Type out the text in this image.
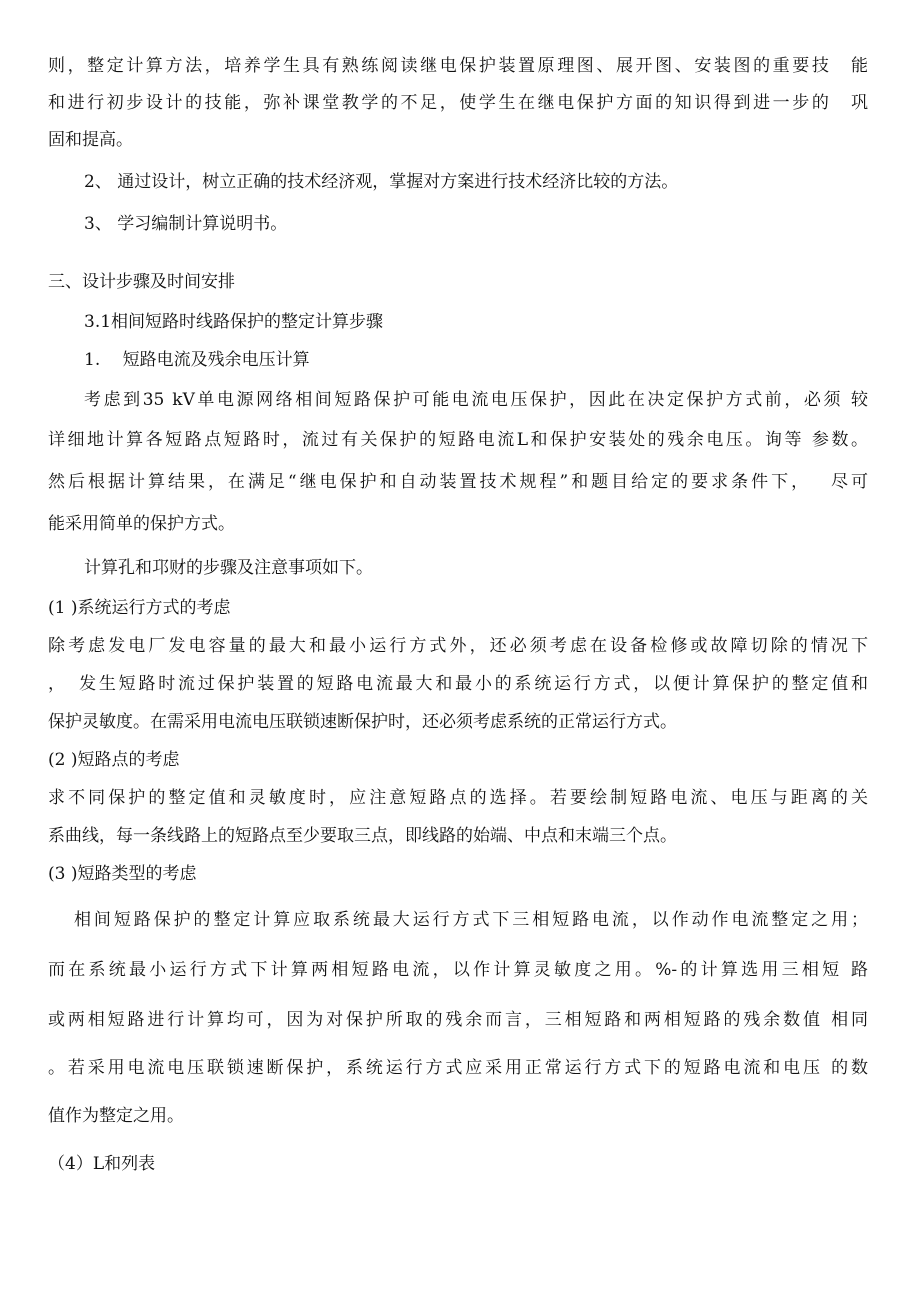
则，整定计算方法，培养学生具有熟练阅读继电保护装置原理图、展开图、安装图的重要技　能
和进行初步设计的技能，弥补课堂教学的不足，使学生在继电保护方面的知识得到进一步的　巩
固和提高。
2、 通过设计，树立正确的技术经济观，掌握对方案进行技术经济比较的方法。
3、 学习编制计算说明书。
三、设计步骤及时间安排
3.1相间短路时线路保护的整定计算步骤
1.　 短路电流及残余电压计算
考虑到35 kV单电源网络相间短路保护可能电流电压保护，因此在决定保护方式前，必须 较
详细地计算各短路点短路时，流过有关保护的短路电流L和保护安装处的残余电压。询等 参数。
然后根据计算结果，在满足“继电保护和自动装置技术规程”和题目给定的要求条件下，　 尽可
能采用简单的保护方式。
计算孔和邛财的步骤及注意事项如下。
(1 )系统运行方式的考虑
除考虑发电厂发电容量的最大和最小运行方式外，还必须考虑在设备检修或故障切除的情况下
，　发生短路时流过保护装置的短路电流最大和最小的系统运行方式，以便计算保护的整定值和
保护灵敏度。在需采用电流电压联锁速断保护时，还必须考虑系统的正常运行方式。
(2 )短路点的考虑
求不同保护的整定值和灵敏度时，应注意短路点的选择。若要绘制短路电流、电压与距离的关
系曲线，每一条线路上的短路点至少要取三点，即线路的始端、中点和末端三个点。
(3 )短路类型的考虑
相间短路保护的整定计算应取系统最大运行方式下三相短路电流，以作动作电流整定之用；
而在系统最小运行方式下计算两相短路电流，以作计算灵敏度之用。%-的计算选用三相短 路
或两相短路进行计算均可，因为对保护所取的残余而言，三相短路和两相短路的残余数值 相同
。若采用电流电压联锁速断保护，系统运行方式应采用正常运行方式下的短路电流和电压 的数
值作为整定之用。
（4）L和列表
